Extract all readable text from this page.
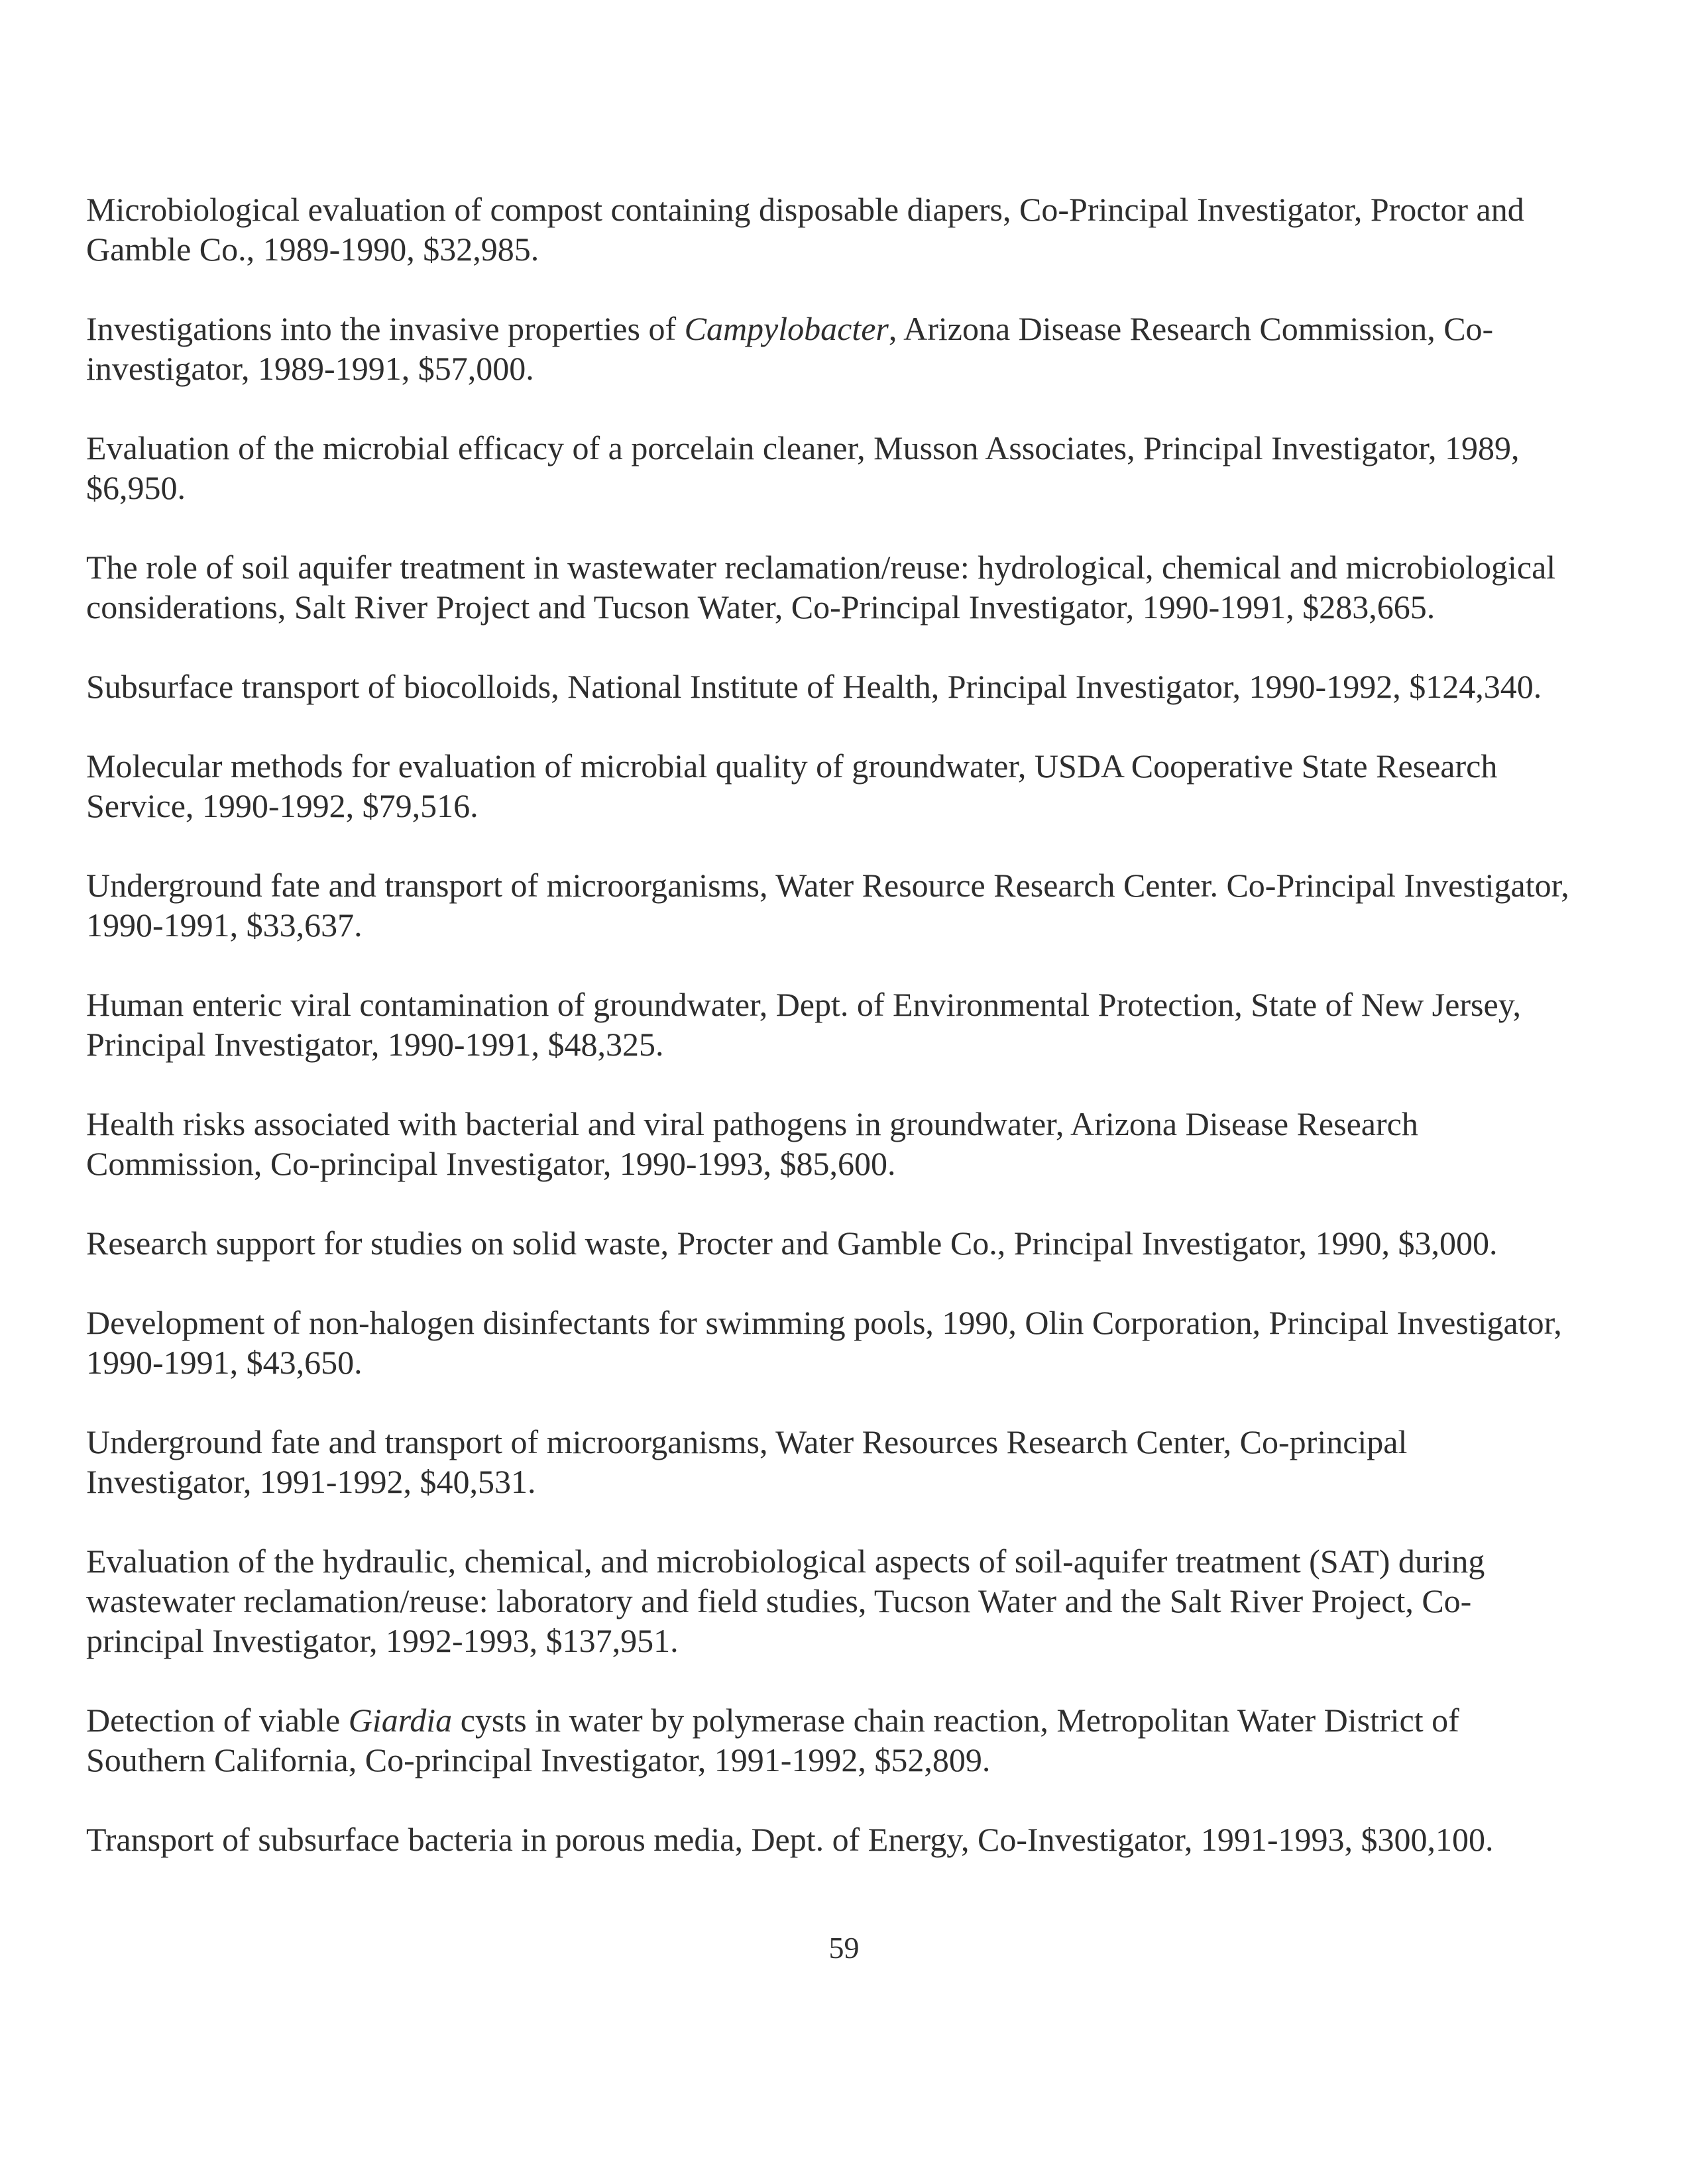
Microbiological evaluation of compost containing disposable diapers, Co-Principal Investigator, Proctor and Gamble Co., 1989-1990, $32,985.

Investigations into the invasive properties of Campylobacter, Arizona Disease Research Commission, Co-investigator, 1989-1991, $57,000.

Evaluation of the microbial efficacy of a porcelain cleaner, Musson Associates, Principal Investigator, 1989, $6,950.

The role of soil aquifer treatment in wastewater reclamation/reuse: hydrological, chemical and microbiological considerations, Salt River Project and Tucson Water, Co-Principal Investigator, 1990-1991, $283,665.

Subsurface transport of biocolloids, National Institute of Health, Principal Investigator, 1990-1992, $124,340.

Molecular methods for evaluation of microbial quality of groundwater, USDA Cooperative State Research Service, 1990-1992, $79,516.

Underground fate and transport of microorganisms, Water Resource Research Center. Co-Principal Investigator, 1990-1991, $33,637.

Human enteric viral contamination of groundwater, Dept. of Environmental Protection, State of New Jersey, Principal Investigator, 1990-1991, $48,325.

Health risks associated with bacterial and viral pathogens in groundwater, Arizona Disease Research Commission, Co-principal Investigator, 1990-1993, $85,600.

Research support for studies on solid waste, Procter and Gamble Co., Principal Investigator, 1990, $3,000.

Development of non-halogen disinfectants for swimming pools, 1990, Olin Corporation, Principal Investigator, 1990-1991, $43,650.

Underground fate and transport of microorganisms, Water Resources Research Center, Co-principal Investigator, 1991-1992, $40,531.

Evaluation of the hydraulic, chemical, and microbiological aspects of soil-aquifer treatment (SAT) during wastewater reclamation/reuse: laboratory and field studies, Tucson Water and the Salt River Project, Co-principal Investigator, 1992-1993, $137,951.

Detection of viable Giardia cysts in water by polymerase chain reaction, Metropolitan Water District of Southern California, Co-principal Investigator, 1991-1992, $52,809.

Transport of subsurface bacteria in porous media, Dept. of Energy, Co-Investigator, 1991-1993, $300,100.

59
